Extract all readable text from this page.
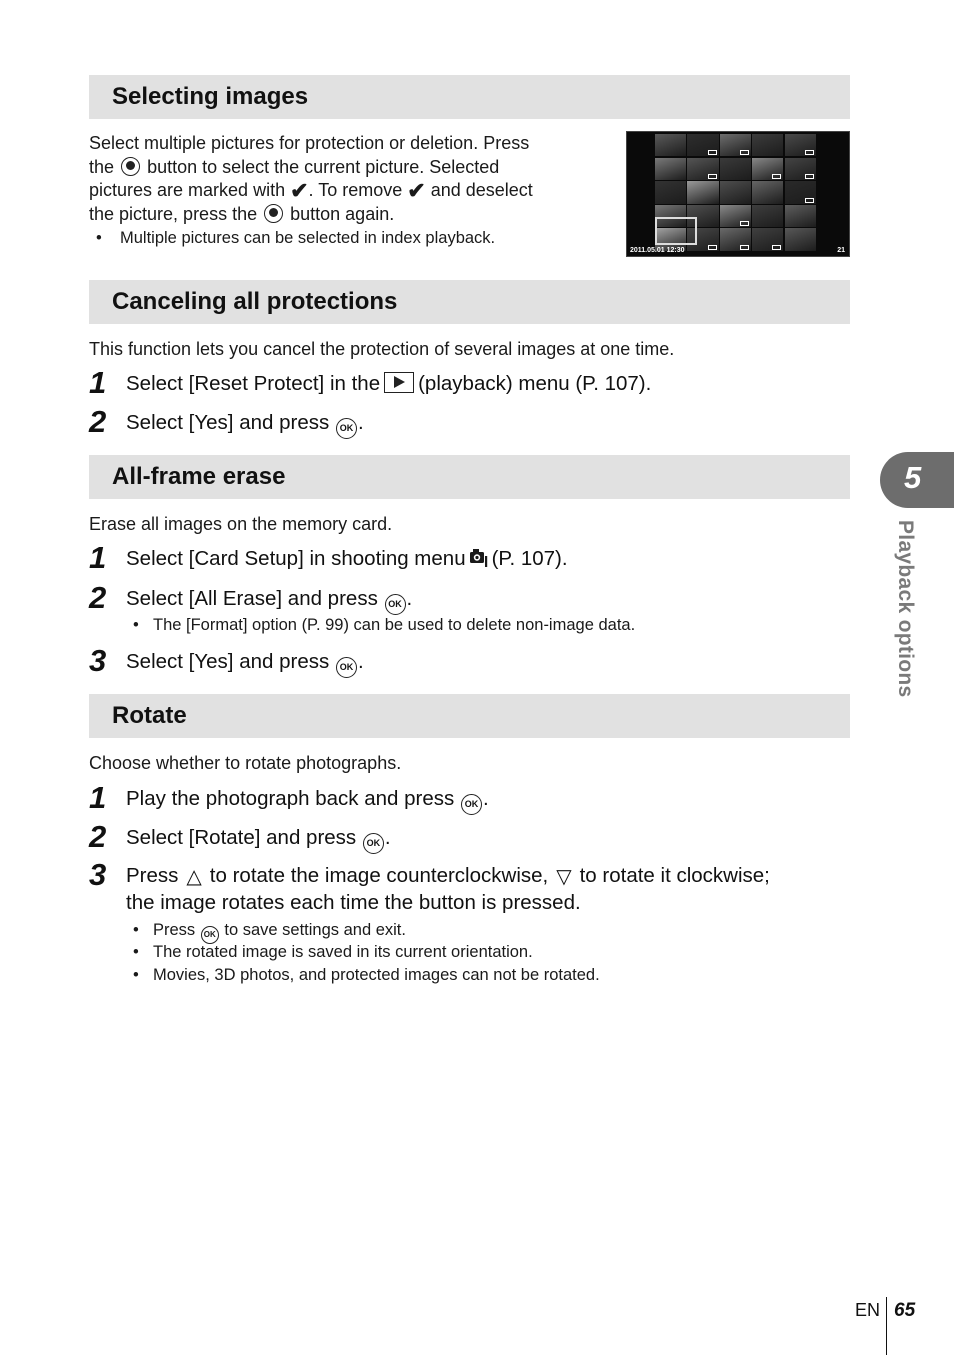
Selecting images
Select multiple pictures for protection or deletion. Press
the button to select the current picture. Selected
pictures are marked with ✔. To remove ✔ and deselect
the picture, press the button again.
• Multiple pictures can be selected in index playback.
2011.05.01 12:30	21
Canceling all protections
This function lets you cancel the protection of several images at one time.
1 Select [Reset Protect] in the (playback) menu (P. 107).
2 Select [Yes] and press OK .
All-frame erase
Erase all images on the memory card.
1 Select [Card Setup] in shooting menu (P. 107).
2 Select [All Erase] and press OK .
• The [Format] option (P. 99) can be used to delete non-image data.
3 Select [Yes] and press OK .
Rotate
Choose whether to rotate photographs.
1 Play the photograph back and press OK .
2 Select [Rotate] and press OK .
3 Press △ to rotate the image counterclockwise, ▽ to rotate it clockwise;
the image rotates each time the button is pressed.
• Press OK to save settings and exit.
• The rotated image is saved in its current orientation.
• Movies, 3D photos, and protected images can not be rotated.
5
Playback options
EN 65
